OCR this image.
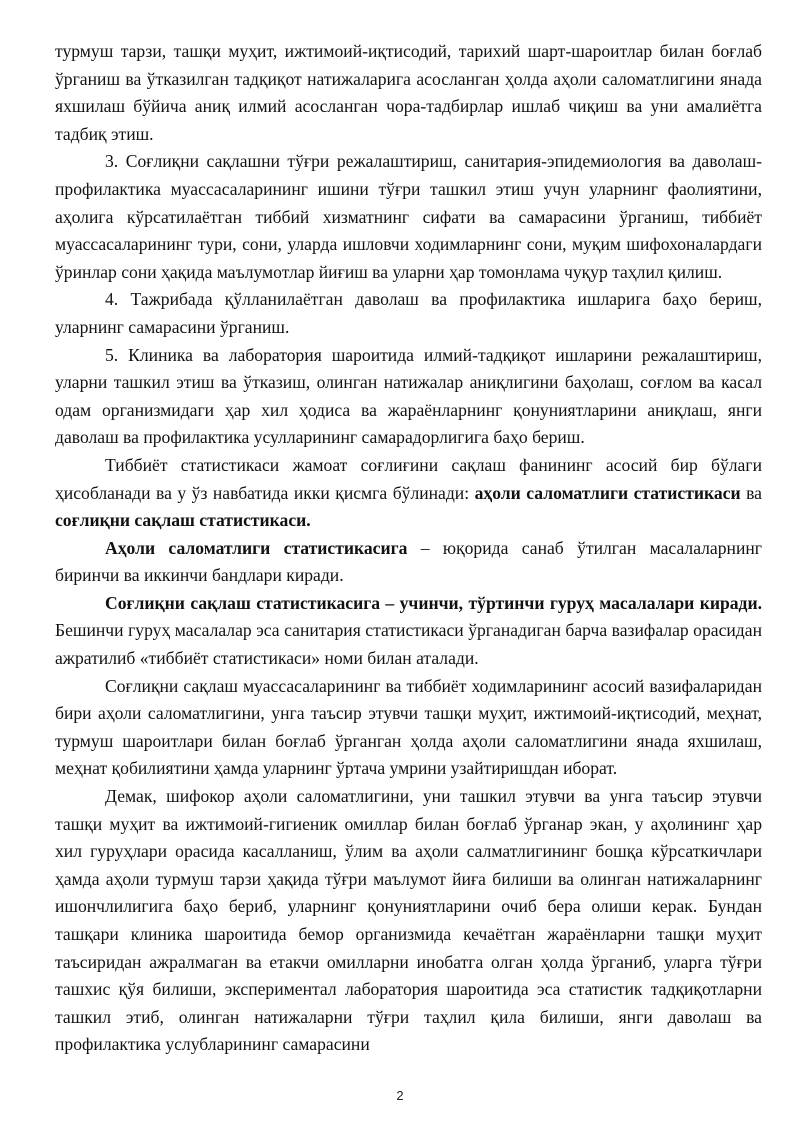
турмуш тарзи, ташқи муҳит, ижтимоий-иқтисодий, тарихий шарт-шароитлар билан боғлаб ўрганиш ва ўтказилган тадқиқот натижаларига асосланган ҳолда аҳоли саломатлигини янада яхшилаш бўйича аниқ илмий асосланган чора-тадбирлар ишлаб чиқиш ва уни амалиётга тадбиқ этиш.

3. Соғлиқни сақлашни тўғри режалаштириш, санитария-эпидемиология ва даволаш-профилактика муассасаларининг ишини тўғри ташкил этиш учун уларнинг фаолиятини, аҳолига кўрсатилаётган тиббий хизматнинг сифати ва самарасини ўрганиш, тиббиёт муассасаларининг тури, сони, уларда ишловчи ходимларнинг сони, муқим шифохоналардаги ўринлар сони ҳақида маълумотлар йиғиш ва уларни ҳар томонлама чуқур таҳлил қилиш.

4. Тажрибада қўлланилаётган даволаш ва профилактика ишларига баҳо бериш, уларнинг самарасини ўрганиш.

5. Клиника ва лаборатория шароитида илмий-тадқиқот ишларини режалаштириш, уларни ташкил этиш ва ўтказиш, олинган натижалар аниқлигини баҳолаш, соғлом ва касал одам организмидаги ҳар хил ҳодиса ва жараёнларнинг қонуниятларини аниқлаш, янги даволаш ва профилактика усулларининг самарадорлигига баҳо бериш.

Тиббиёт статистикаси жамоат соғлиғини сақлаш фанининг асосий бир бўлаги ҳисобланади ва у ўз навбатида икки қисмга бўлинади: аҳоли саломатлиги статистикаси ва соғлиқни сақлаш статистикаси.

Аҳоли саломатлиги статистикасига – юқорида санаб ўтилган масалаларнинг биринчи ва иккинчи бандлари киради.

Соғлиқни сақлаш статистикасига – учинчи, тўртинчи гуруҳ масалалари киради. Бешинчи гуруҳ масалалар эса санитария статистикаси ўрганадиган барча вазифалар орасидан ажратилиб «тиббиёт статистикаси» номи билан аталади.

Соғлиқни сақлаш муассасаларининг ва тиббиёт ходимларининг асосий вазифаларидан бири аҳоли саломатлигини, унга таъсир этувчи ташқи муҳит, ижтимоий-иқтисодий, меҳнат, турмуш шароитлари билан боғлаб ўрганган ҳолда аҳоли саломатлигини янада яхшилаш, меҳнат қобилиятини ҳамда уларнинг ўртача умрини узайтиришдан иборат.

Демак, шифокор аҳоли саломатлигини, уни ташкил этувчи ва унга таъсир этувчи ташқи муҳит ва ижтимоий-гигиеник омиллар билан боғлаб ўрганар экан, у аҳолининг ҳар хил гуруҳлари орасида касалланиш, ўлим ва аҳоли салматлигининг бошқа кўрсаткичлари ҳамда аҳоли турмуш тарзи ҳақида тўғри маълумот йиға билиши ва олинган натижаларнинг ишончлилигига баҳо бериб, уларнинг қонуниятларини очиб бера олиши керак. Бундан ташқари клиника шароитида бемор организмида кечаётган жараёнларни ташқи муҳит таъсиридан ажралмаган ва етакчи омилларни инобатга олган ҳолда ўрганиб, уларга тўғри ташхис қўя билиши, экспериментал лаборатория шароитида эса статистик тадқиқотларни ташкил этиб, олинган натижаларни тўғри таҳлил қила билиши, янги даволаш ва профилактика услубларининг самарасини

2
